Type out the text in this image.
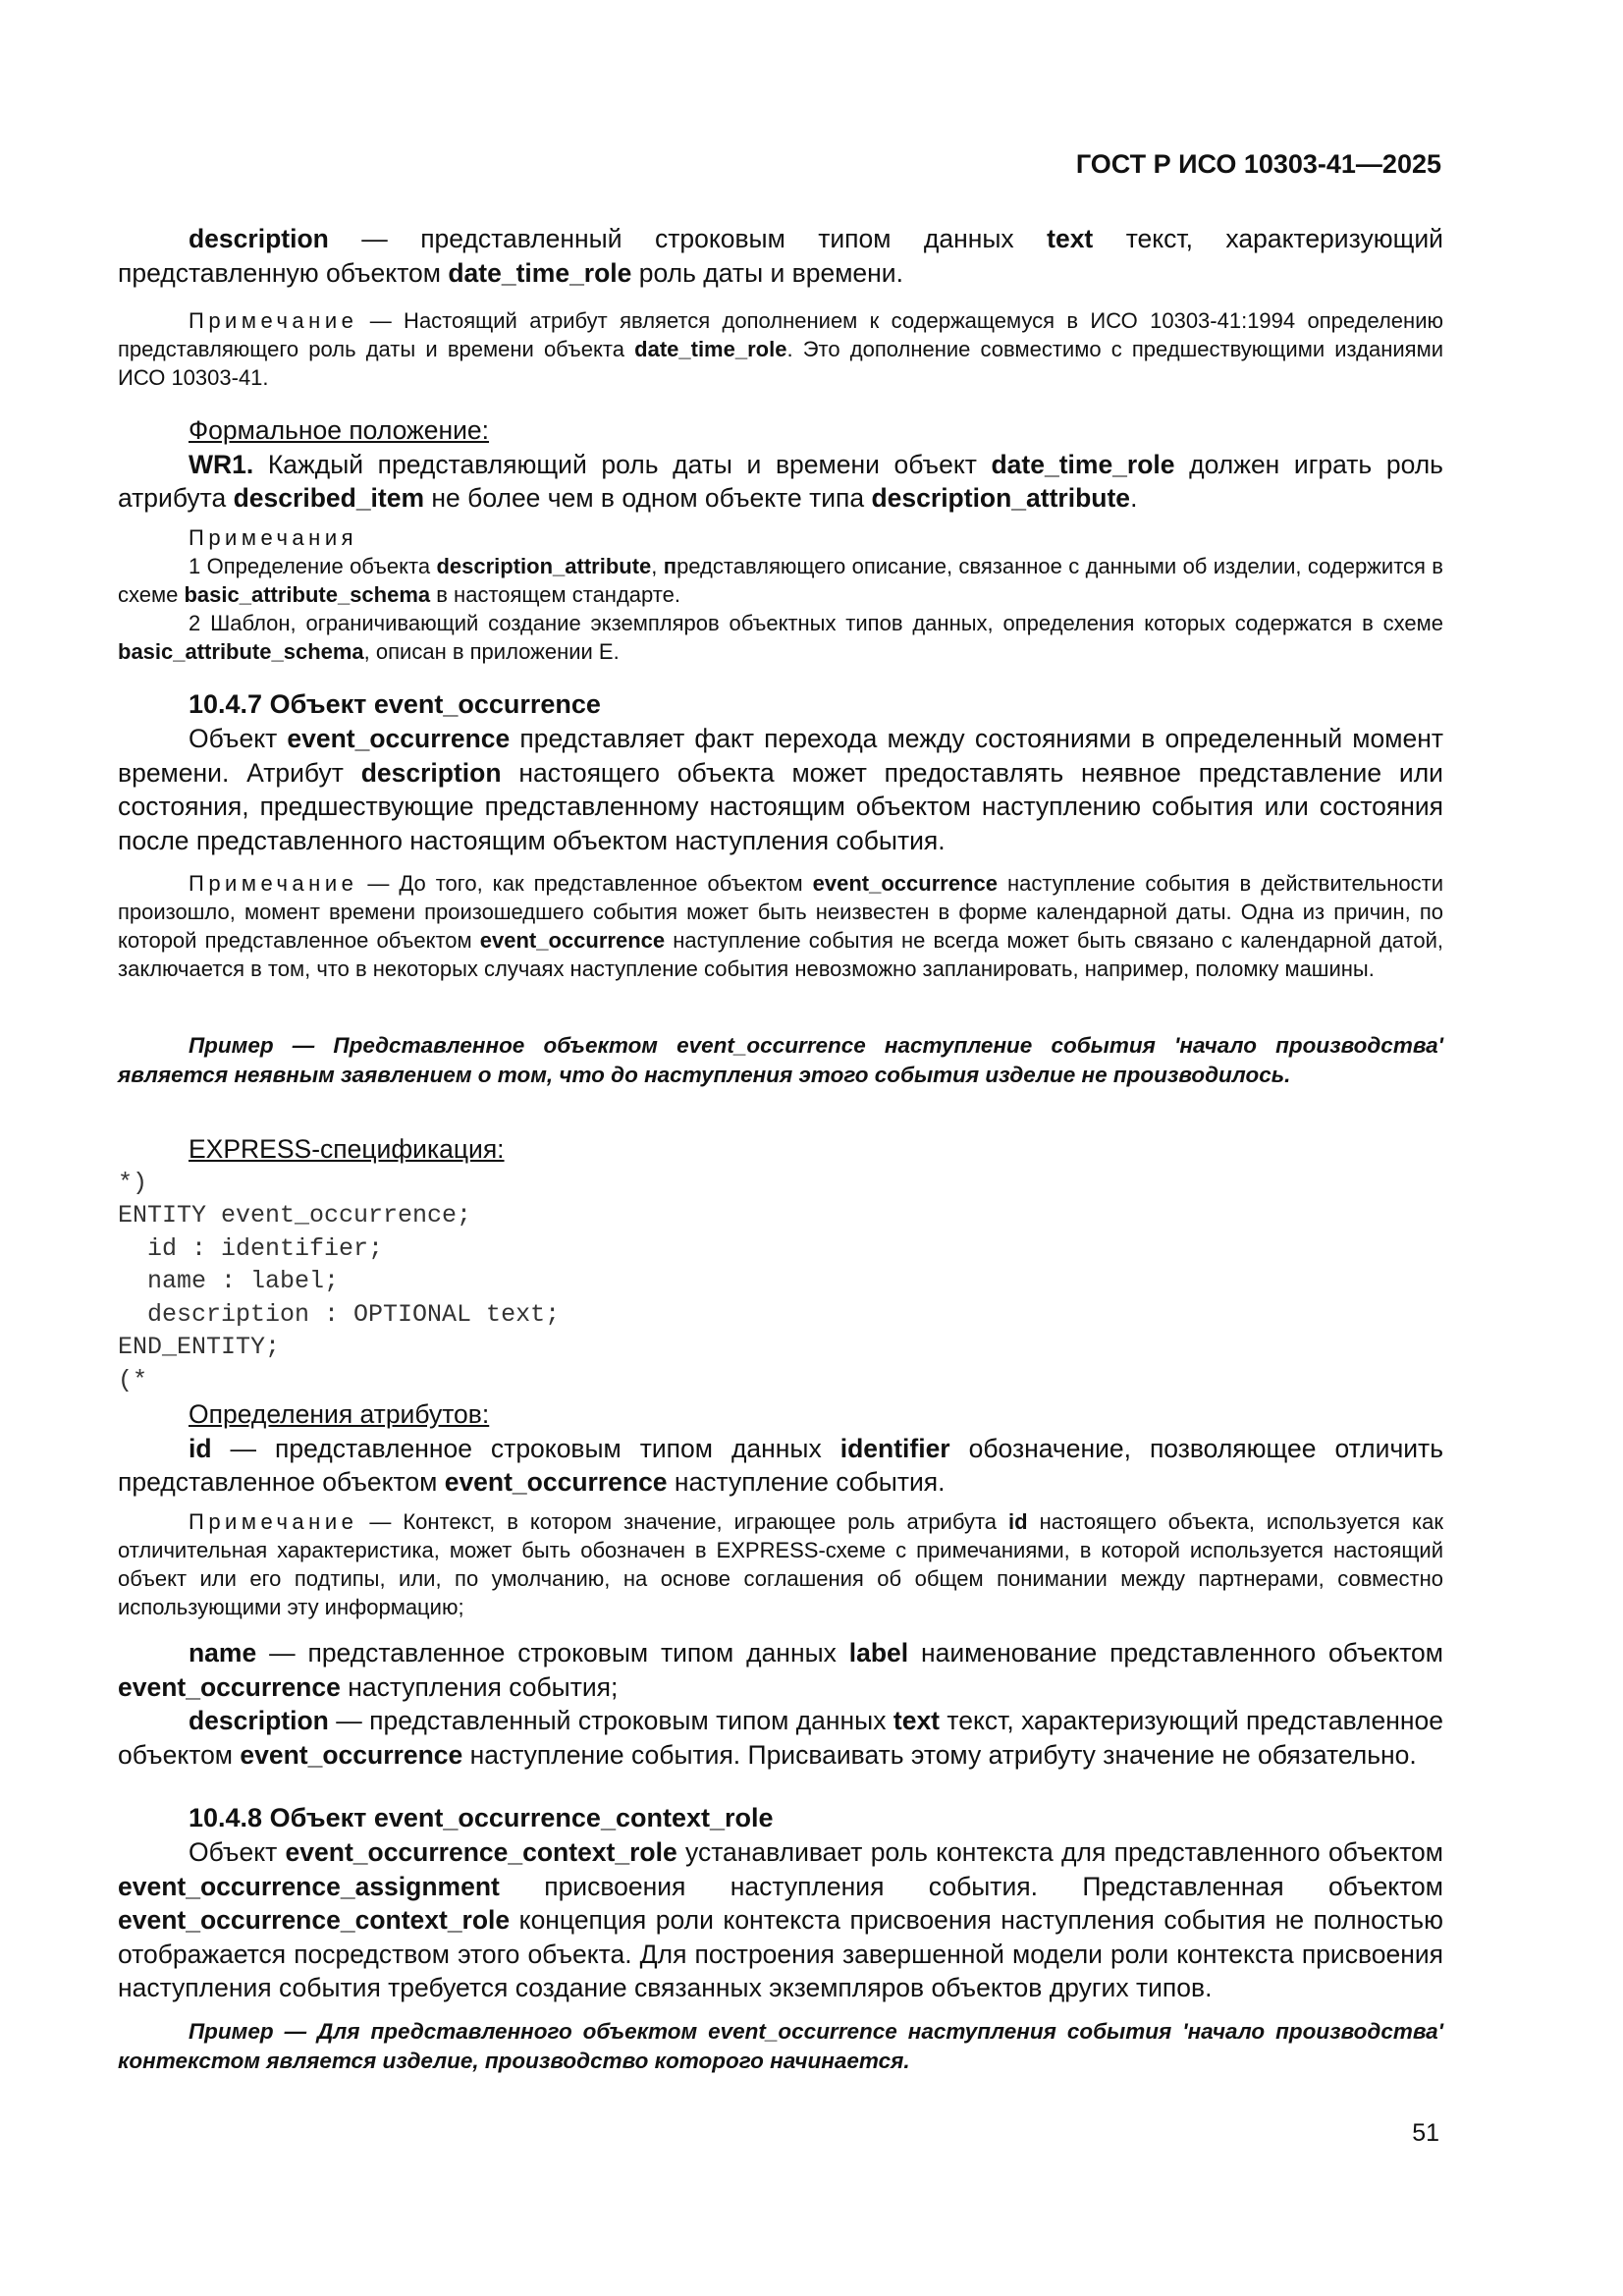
ГОСТ Р ИСО 10303-41—2025

description — представленный строковым типом данных text текст, характеризующий представленную объектом date_time_role роль даты и времени.

Примечание — Настоящий атрибут является дополнением к содержащемуся в ИСО 10303-41:1994 определению представляющего роль даты и времени объекта date_time_role. Это дополнение совместимо с предшествующими изданиями ИСО 10303-41.

Формальное положение:

WR1. Каждый представляющий роль даты и времени объект date_time_role должен играть роль атрибута described_item не более чем в одном объекте типа description_attribute.

Примечания

1 Определение объекта description_attribute, представляющего описание, связанное с данными об изделии, содержится в схеме basic_attribute_schema в настоящем стандарте.

2 Шаблон, ограничивающий создание экземпляров объектных типов данных, определения которых содержатся в схеме basic_attribute_schema, описан в приложении Е.

10.4.7 Объект event_occurrence

Объект event_occurrence представляет факт перехода между состояниями в определенный момент времени. Атрибут description настоящего объекта может предоставлять неявное представление или состояния, предшествующие представленному настоящим объектом наступлению события или состояния после представленного настоящим объектом наступления события.

Примечание — До того, как представленное объектом event_occurrence наступление события в действительности произошло, момент времени произошедшего события может быть неизвестен в форме календарной даты. Одна из причин, по которой представленное объектом event_occurrence наступление события не всегда может быть связано с календарной датой, заключается в том, что в некоторых случаях наступление события невозможно запланировать, например, поломку машины.

Пример — Представленное объектом event_occurrence наступление события 'начало производства' является неявным заявлением о том, что до наступления этого события изделие не производилось.

EXPRESS-спецификация:

*)
ENTITY event_occurrence;
id : identifier;
name : label;
description : OPTIONAL text;
END_ENTITY;
(*

Определения атрибутов:

id — представленное строковым типом данных identifier обозначение, позволяющее отличить представленное объектом event_occurrence наступление события.

Примечание — Контекст, в котором значение, играющее роль атрибута id настоящего объекта, используется как отличительная характеристика, может быть обозначен в EXPRESS-схеме с примечаниями, в которой используется настоящий объект или его подтипы, или, по умолчанию, на основе соглашения об общем понимании между партнерами, совместно использующими эту информацию;

name — представленное строковым типом данных label наименование представленного объектом event_occurrence наступления события;

description — представленный строковым типом данных text текст, характеризующий представленное объектом event_occurrence наступление события. Присваивать этому атрибуту значение не обязательно.

10.4.8 Объект event_occurrence_context_role

Объект event_occurrence_context_role устанавливает роль контекста для представленного объектом event_occurrence_assignment присвоения наступления события. Представленная объектом event_occurrence_context_role концепция роли контекста присвоения наступления события не полностью отображается посредством этого объекта. Для построения завершенной модели роли контекста присвоения наступления события требуется создание связанных экземпляров объектов других типов.

Пример — Для представленного объектом event_occurrence наступления события 'начало производства' контекстом является изделие, производство которого начинается.

51
